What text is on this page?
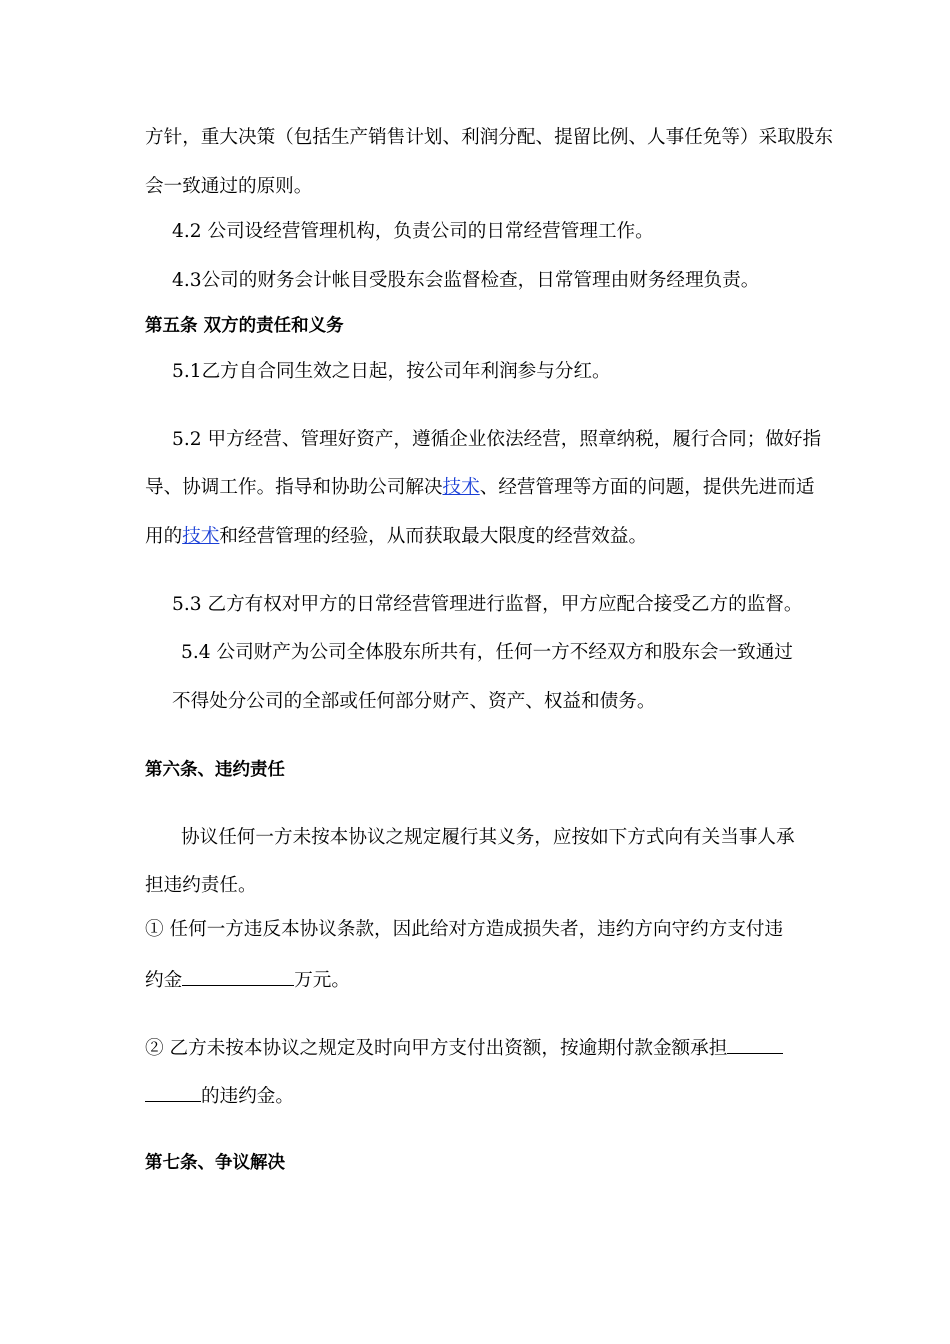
方针，重大决策（包括生产销售计划、利润分配、提留比例、人事任免等）采取股东

会一致通过的原则。

4.2 公司设经营管理机构，负责公司的日常经营管理工作。

4.3公司的财务会计帐目受股东会监督检查，日常管理由财务经理负责。

第五条 双方的责任和义务

5.1乙方自合同生效之日起，按公司年利润参与分红。

5.2 甲方经营、管理好资产，遵循企业依法经营，照章纳税，履行合同；做好指

导、协调工作。指导和协助公司解决技术、经营管理等方面的问题，提供先进而适

用的技术和经营管理的经验，从而获取最大限度的经营效益。

5.3 乙方有权对甲方的日常经营管理进行监督，甲方应配合接受乙方的监督。

5.4 公司财产为公司全体股东所共有，任何一方不经双方和股东会一致通过

不得处分公司的全部或任何部分财产、资产、权益和债务。

第六条、违约责任

协议任何一方未按本协议之规定履行其义务，应按如下方式向有关当事人承

担违约责任。

① 任何一方违反本协议条款，因此给对方造成损失者，违约方向守约方支付违

约金	万元。

② 乙方未按本协议之规定及时向甲方支付出资额，按逾期付款金额承担

的违约金。

第七条、争议解决
